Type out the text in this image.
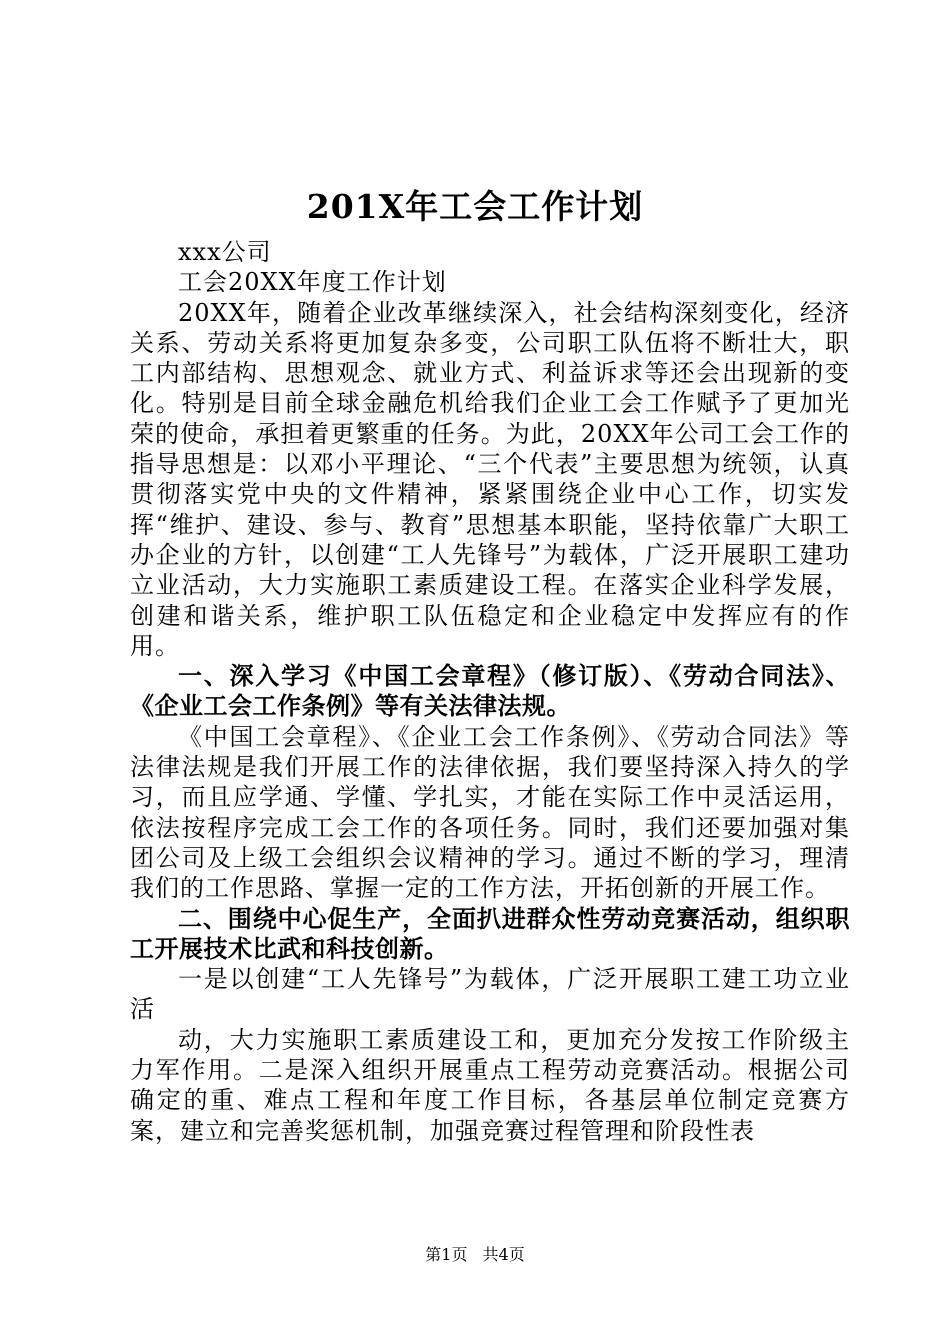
201X年工会工作计划

xxx公司

工会20XX年度工作计划

20XX年，随着企业改革继续深入，社会结构深刻变化，经济关系、劳动关系将更加复杂多变，公司职工队伍将不断壮大，职工内部结构、思想观念、就业方式、利益诉求等还会出现新的变化。特别是目前全球金融危机给我们企业工会工作赋予了更加光荣的使命，承担着更繁重的任务。为此，20XX年公司工会工作的指导思想是：以邓小平理论、“三个代表”主要思想为统领，认真贯彻落实党中央的文件精神，紧紧围绕企业中心工作，切实发挥“维护、建设、参与、教育”思想基本职能，坚持依靠广大职工办企业的方针，以创建“工人先锋号”为载体，广泛开展职工建功立业活动，大力实施职工素质建设工程。在落实企业科学发展，创建和谐关系，维护职工队伍稳定和企业稳定中发挥应有的作用。

一、深入学习《中国工会章程》（修订版）、《劳动合同法》、《企业工会工作条例》等有关法律法规。

《中国工会章程》、《企业工会工作条例》、《劳动合同法》等法律法规是我们开展工作的法律依据，我们要坚持深入持久的学习，而且应学通、学懂、学扎实，才能在实际工作中灵活运用，依法按程序完成工会工作的各项任务。同时，我们还要加强对集团公司及上级工会组织会议精神的学习。通过不断的学习，理清我们的工作思路、掌握一定的工作方法，开拓创新的开展工作。

二、围绕中心促生产，全面扒进群众性劳动竞赛活动，组织职工开展技术比武和科技创新。

一是以创建“工人先锋号”为载体，广泛开展职工建工功立业活

动，大力实施职工素质建设工和，更加充分发按工作阶级主力军作用。二是深入组织开展重点工程劳动竞赛活动。根据公司确定的重、难点工程和年度工作目标，各基层单位制定竞赛方案，建立和完善奖惩机制，加强竞赛过程管理和阶段性表

第1页 共4页
